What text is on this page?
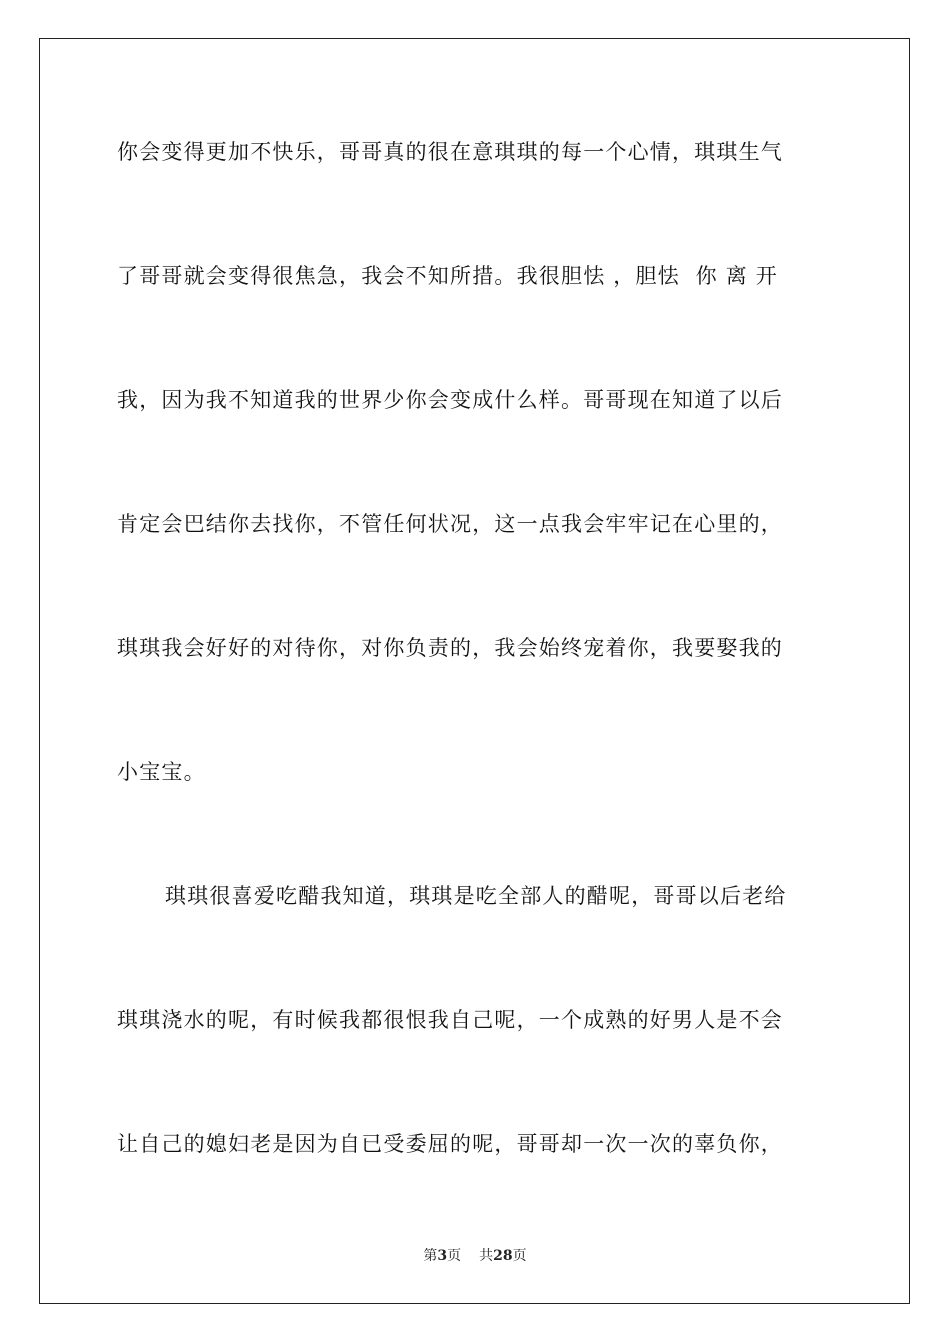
你会变得更加不快乐，哥哥真的很在意琪琪的每一个心情，琪琪生气
了哥哥就会变得很焦急，我会不知所措。我很胆怯 ，胆怯  你 离 开
我，因为我不知道我的世界少你会变成什么样。哥哥现在知道了以后
肯定会巴结你去找你，不管任何状况，这一点我会牢牢记在心里的，
琪琪我会好好的对待你，对你负责的，我会始终宠着你，我要娶我的
小宝宝。
琪琪很喜爱吃醋我知道，琪琪是吃全部人的醋呢，哥哥以后老给
琪琪浇水的呢，有时候我都很恨我自己呢，一个成熟的好男人是不会
让自己的媳妇老是因为自已受委屈的呢，哥哥却一次一次的辜负你，
第3页 共28页
